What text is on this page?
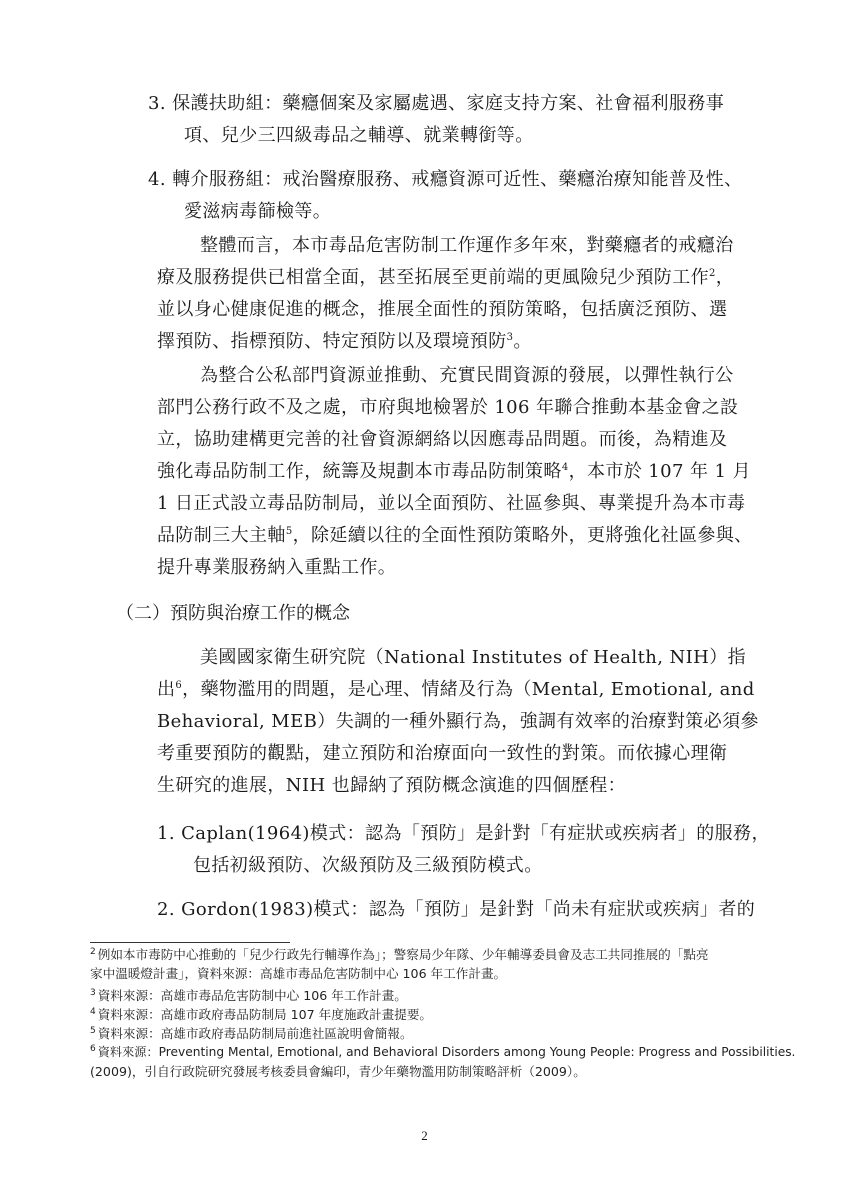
3. 保護扶助組：藥癮個案及家屬處遇、家庭支持方案、社會福利服務事
項、兒少三四級毒品之輔導、就業轉銜等。
4. 轉介服務組：戒治醫療服務、戒癮資源可近性、藥癮治療知能普及性、
愛滋病毒篩檢等。
整體而言，本市毒品危害防制工作運作多年來，對藥癮者的戒癮治
療及服務提供已相當全面，甚至拓展至更前端的更風險兒少預防工作$^2$，
並以身心健康促進的概念，推展全面性的預防策略，包括廣泛預防、選
擇預防、指標預防、特定預防以及環境預防$^3$。
為整合公私部門資源並推動、充實民間資源的發展，以彈性執行公
部門公務行政不及之處，市府與地檢署於 106 年聯合推動本基金會之設
立，協助建構更完善的社會資源網絡以因應毒品問題。而後，為精進及
強化毒品防制工作，統籌及規劃本市毒品防制策略$^4$，本市於 107 年 1 月
1 日正式設立毒品防制局，並以全面預防、社區參與、專業提升為本市毒
品防制三大主軸$^5$，除延續以往的全面性預防策略外，更將強化社區參與、
提升專業服務納入重點工作。
（二）預防與治療工作的概念
美國國家衛生研究院（National Institutes of Health, NIH）指
出$^6$，藥物濫用的問題，是心理、情緒及行為（Mental, Emotional, and
Behavioral, MEB）失調的一種外顯行為，強調有效率的治療對策必須參
考重要預防的觀點，建立預防和治療面向一致性的對策。而依據心理衛
生研究的進展，NIH 也歸納了預防概念演進的四個歷程：
1. Caplan(1964)模式：認為「預防」是針對「有症狀或疾病者」的服務，
包括初級預防、次級預防及三級預防模式。
2. Gordon(1983)模式：認為「預防」是針對「尚未有症狀或疾病」者的
$^2$ 例如本市毒防中心推動的「兒少行政先行輔導作為」；警察局少年隊、少年輔導委員會及志工共同推展的「點亮
家中溫暖燈計畫」，資料來源：高雄市毒品危害防制中心 106 年工作計畫。
$^3$ 資料來源：高雄市毒品危害防制中心 106 年工作計畫。
$^4$ 資料來源：高雄市政府毒品防制局 107 年度施政計畫提要。
$^5$ 資料來源：高雄市政府毒品防制局前進社區說明會簡報。
$^6$ 資料來源：Preventing Mental, Emotional, and Behavioral Disorders among Young People: Progress and Possibilities.
(2009)，引自行政院研究發展考核委員會編印，青少年藥物濫用防制策略評析（2009）。
2
